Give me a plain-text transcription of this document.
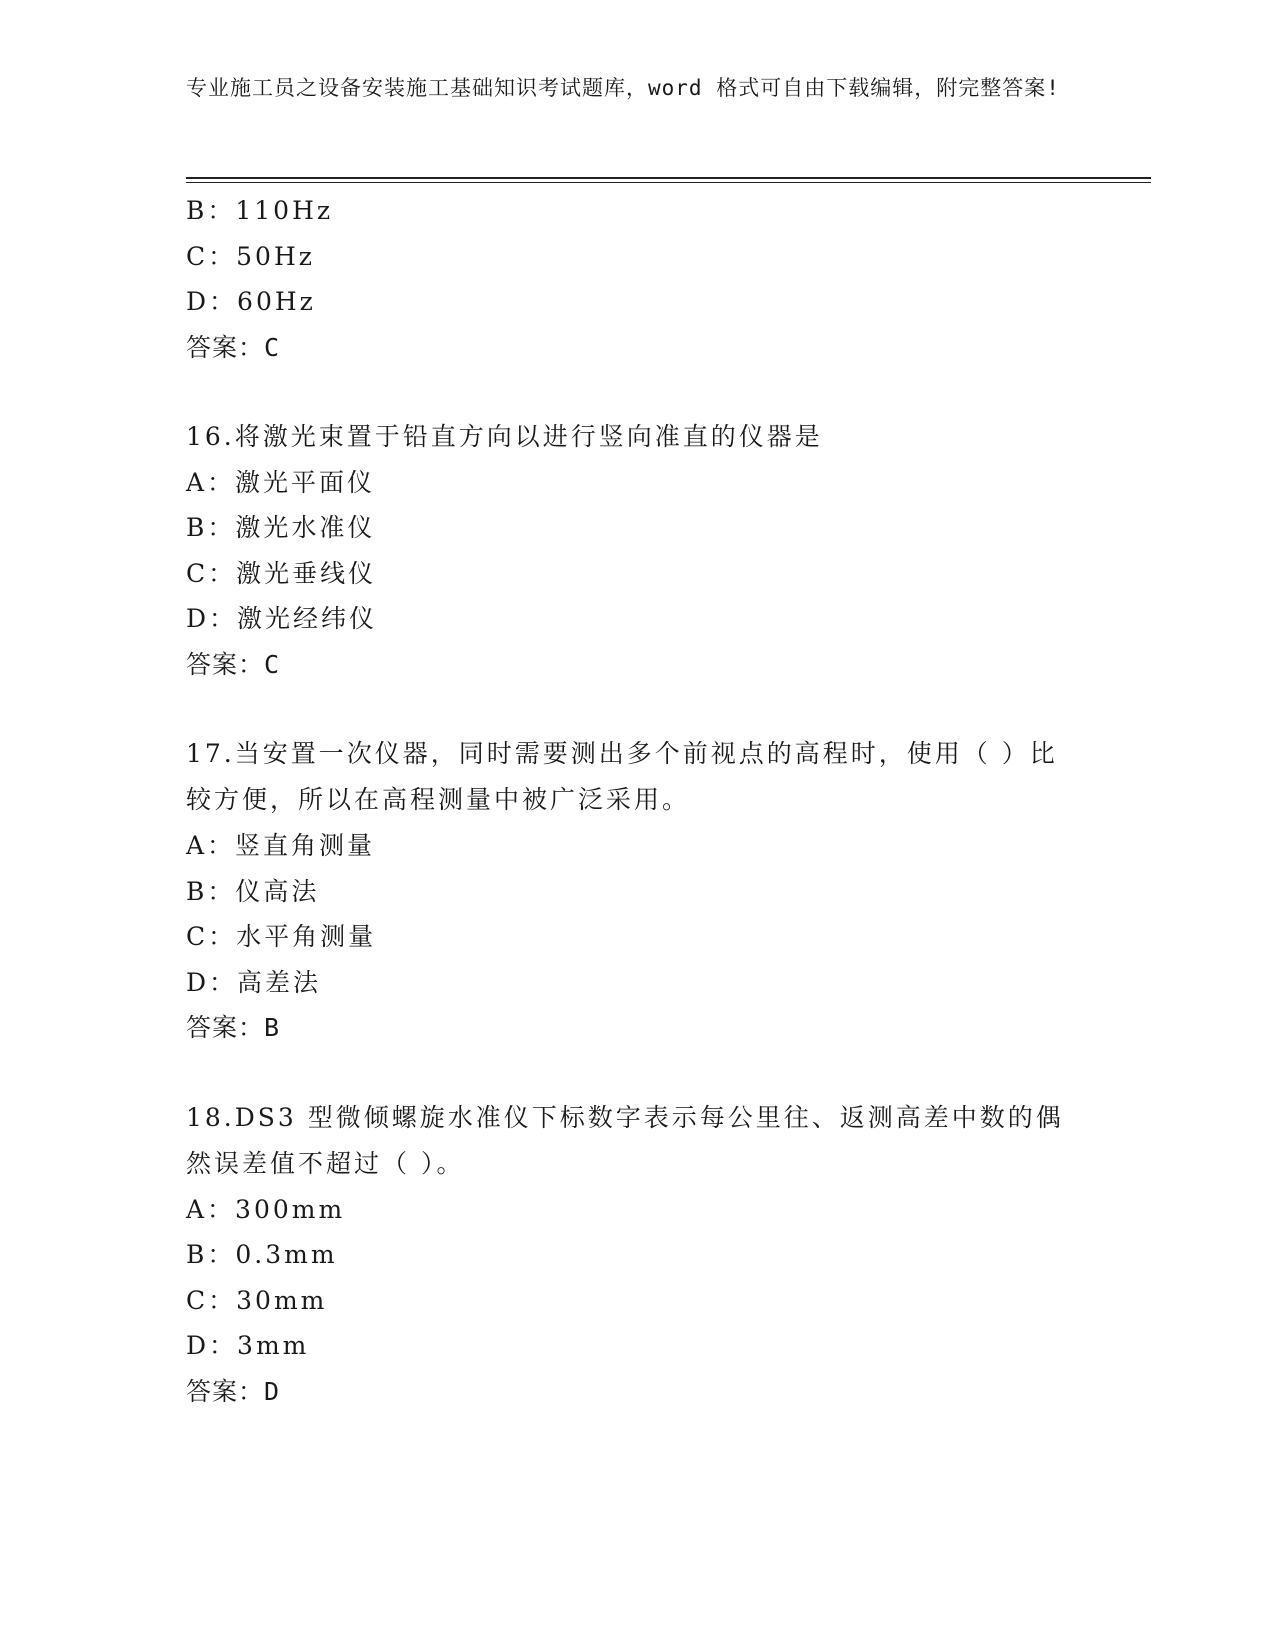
专业施工员之设备安装施工基础知识考试题库，word 格式可自由下载编辑，附完整答案!
B：110Hz
C：50Hz
D：60Hz
答案：C
16.将激光束置于铅直方向以进行竖向准直的仪器是
A：激光平面仪
B：激光水准仪
C：激光垂线仪
D：激光经纬仪
答案：C
17.当安置一次仪器，同时需要测出多个前视点的高程时，使用（ ）比较方便，所以在高程测量中被广泛采用。
A：竖直角测量
B：仪高法
C：水平角测量
D：高差法
答案：B
18.DS3 型微倾螺旋水准仪下标数字表示每公里往、返测高差中数的偶然误差值不超过（ ）。
A：300mm
B：0.3mm
C：30mm
D：3mm
答案：D
